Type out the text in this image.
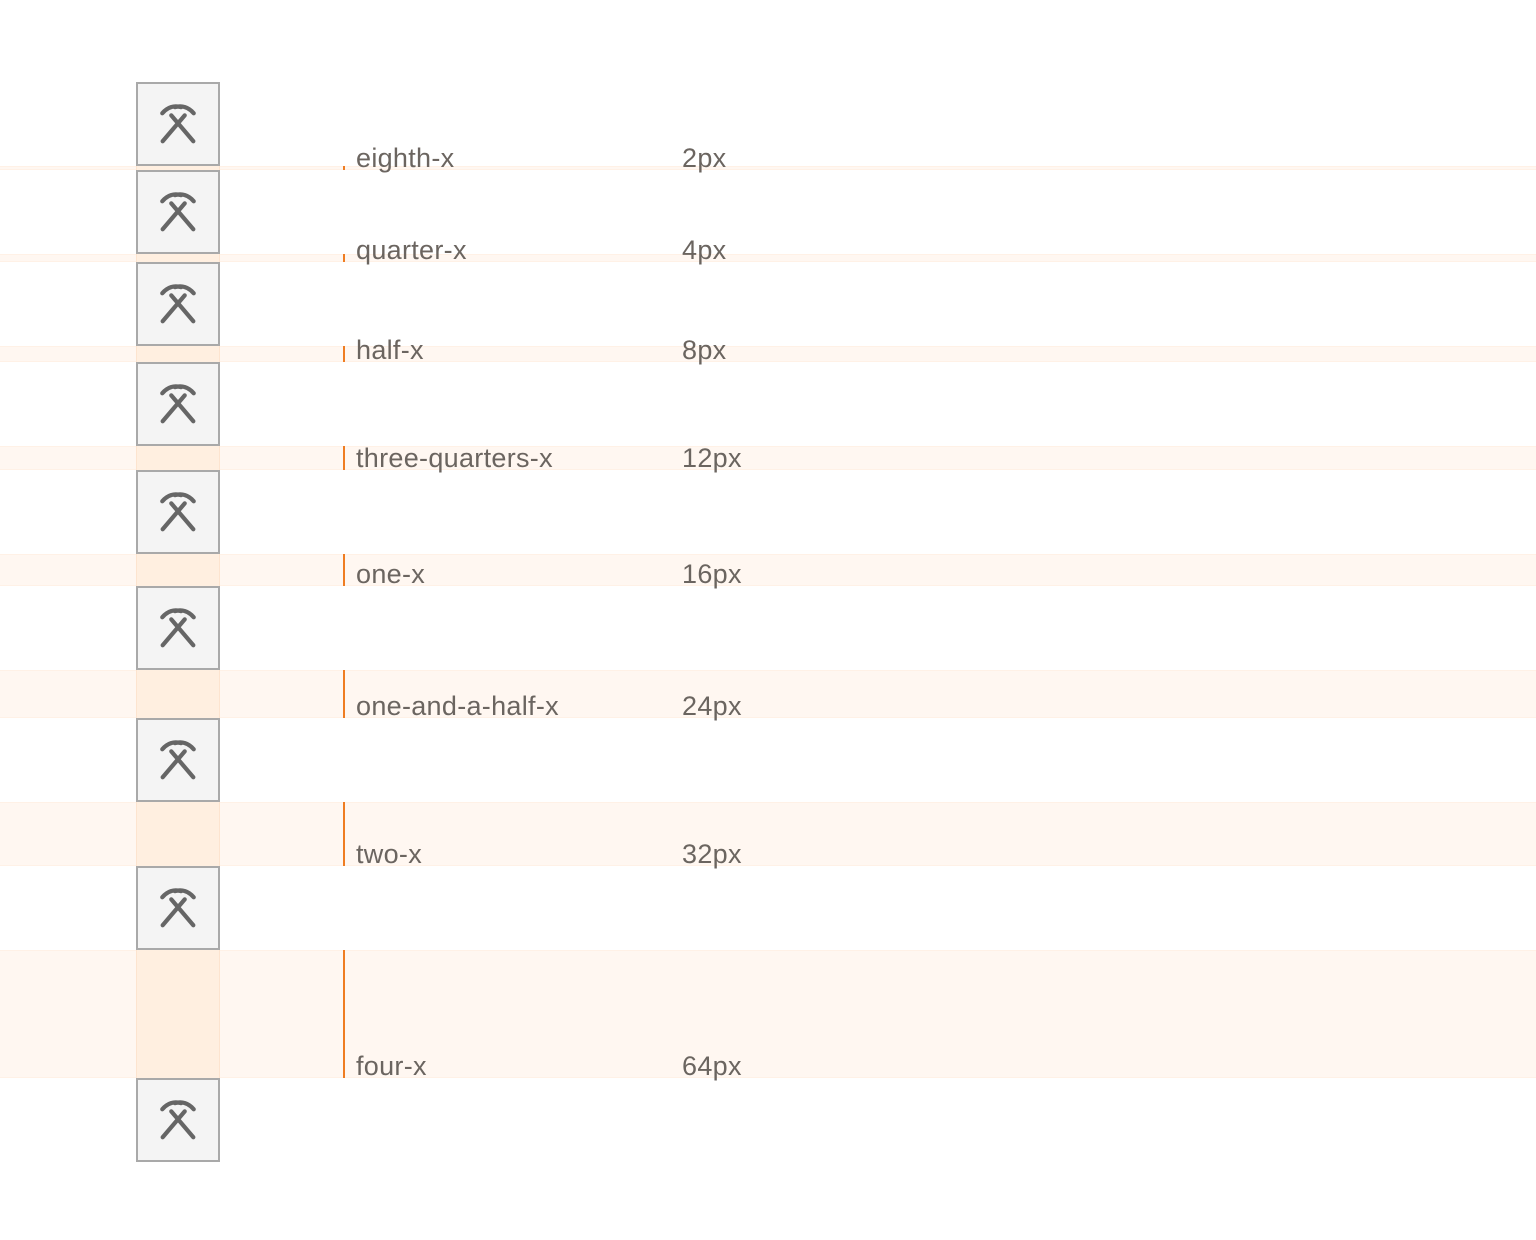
eighth-x	2px
quarter-x	4px
half-x	8px
three-quarters-x	12px
one-x	16px
one-and-a-half-x	24px
two-x	32px
four-x	64px
